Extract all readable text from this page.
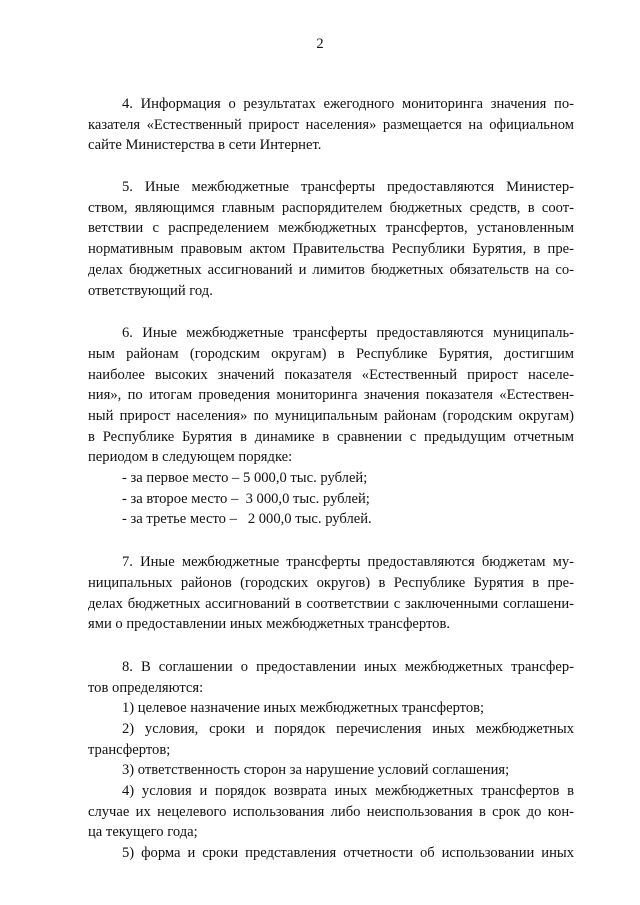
2
4. Информация о результатах ежегодного мониторинга значения по-
казателя «Естественный прирост населения» размещается на официальном
сайте Министерства в сети Интернет.
5. Иные межбюджетные трансферты предоставляются Министер-
ством, являющимся главным распорядителем бюджетных средств, в соот-
ветствии с распределением межбюджетных трансфертов, установленным
нормативным правовым актом Правительства Республики Бурятия, в пре-
делах бюджетных ассигнований и лимитов бюджетных обязательств на со-
ответствующий год.
6. Иные межбюджетные трансферты предоставляются муниципаль-
ным районам (городским округам) в Республике Бурятия, достигшим
наиболее высоких значений показателя «Естественный прирост населе-
ния», по итогам проведения мониторинга значения показателя «Естествен-
ный прирост населения» по муниципальным районам (городским округам)
в Республике Бурятия в динамике в сравнении с предыдущим отчетным
периодом в следующем порядке:
- за первое место – 5 000,0 тыс. рублей;
- за второе место –  3 000,0 тыс. рублей;
- за третье место –   2 000,0 тыс. рублей.
7. Иные межбюджетные трансферты предоставляются бюджетам му-
ниципальных районов (городских округов) в Республике Бурятия в пре-
делах бюджетных ассигнований в соответствии с заключенными соглашени-
ями о предоставлении иных межбюджетных трансфертов.
8. В соглашении о предоставлении иных межбюджетных трансфер-
тов определяются:
1) целевое назначение иных межбюджетных трансфертов;
2) условия, сроки и порядок перечисления иных межбюджетных
трансфертов;
3) ответственность сторон за нарушение условий соглашения;
4) условия и порядок возврата иных межбюджетных трансфертов в
случае их нецелевого использования либо неиспользования в срок до кон-
ца текущего года;
5) форма и сроки представления отчетности об использовании иных
